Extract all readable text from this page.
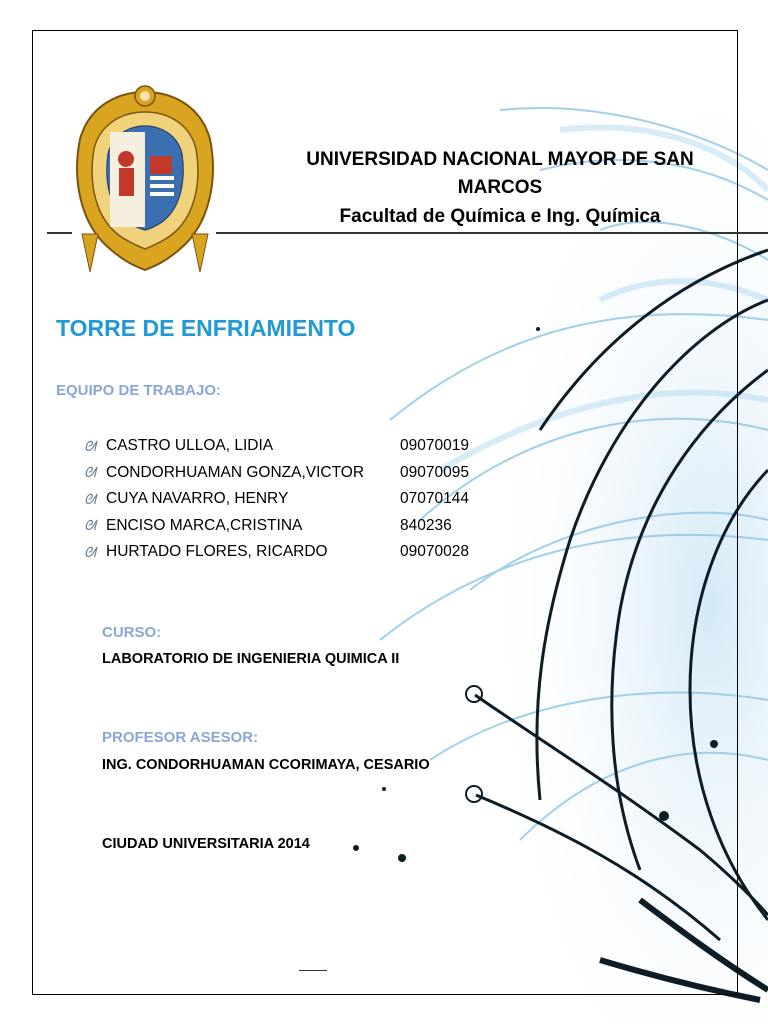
UNIVERSIDAD NACIONAL MAYOR DE SAN MARCOS
Facultad de Química e Ing. Química
TORRE DE ENFRIAMIENTO
EQUIPO DE TRABAJO:
ᘛ CASTRO ULLOA, LIDIA	09070019
ᘛ CONDORHUAMAN GONZA,VICTOR	09070095
ᘛ CUYA NAVARRO, HENRY	07070144
ᘛ ENCISO MARCA,CRISTINA	840236
ᘛ HURTADO FLORES, RICARDO	09070028
CURSO:
LABORATORIO DE INGENIERIA QUIMICA II
PROFESOR ASESOR:
ING. CONDORHUAMAN CCORIMAYA, CESARIO
CIUDAD UNIVERSITARIA 2014
